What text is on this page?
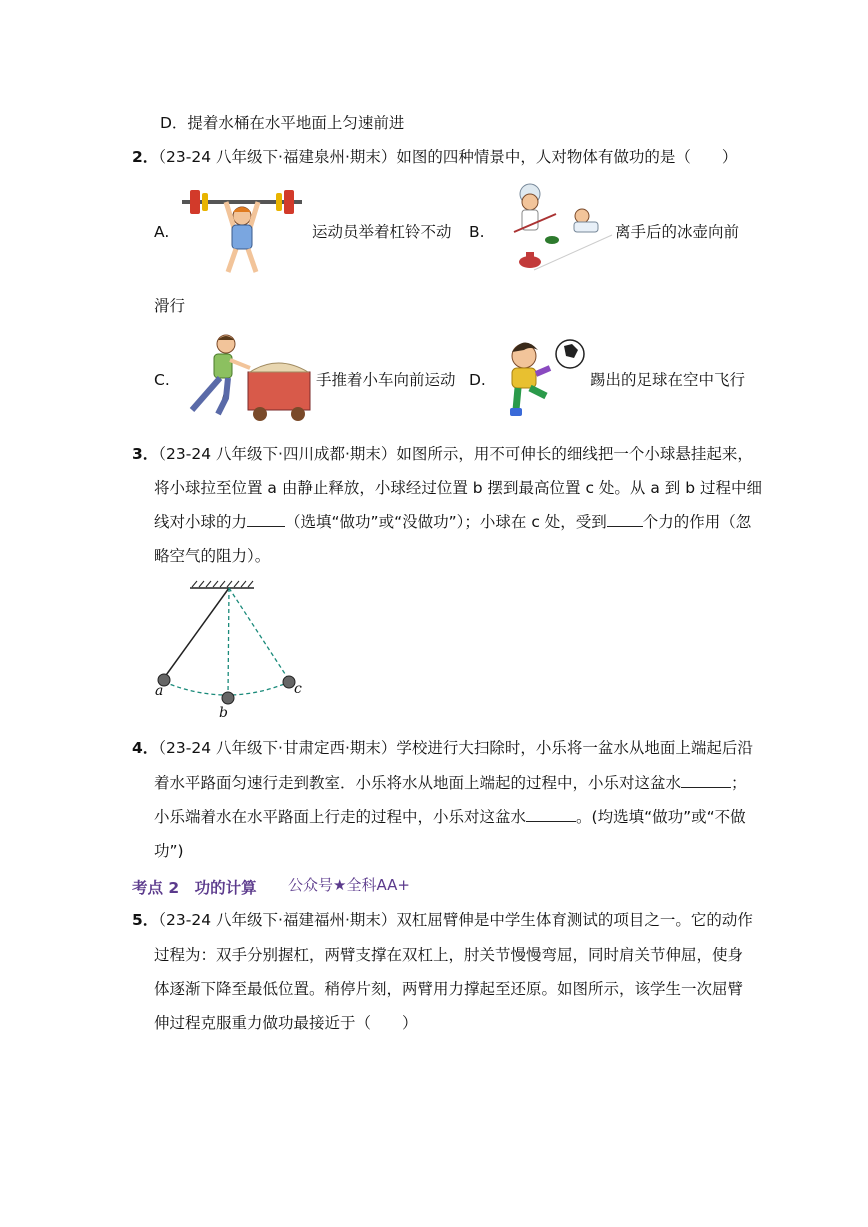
D．提着水桶在水平地面上匀速前进
2．（23-24 八年级下·福建泉州·期末）如图的四种情景中，人对物体有做功的是（　　）
A.	运动员举着杠铃不动 B.	离手后的冰壶向前
滑行
C.	手推着小车向前运动 D.	踢出的足球在空中飞行
3．（23-24 八年级下·四川成都·期末）如图所示，用不可伸长的细线把一个小球悬挂起来，
将小球拉至位置 a 由静止释放，小球经过位置 b 摆到最高位置 c 处。从 a 到 b 过程中细
线对小球的力 （选填“做功”或“没做功”）；小球在 c 处，受到 个力的作用（忽
略空气的阻力）。
a
b
c
4．（23-24 八年级下·甘肃定西·期末）学校进行大扫除时，小乐将一盆水从地面上端起后沿
着水平路面匀速行走到教室．小乐将水从地面上端起的过程中，小乐对这盆水	；
小乐端着水在水平路面上行走的过程中，小乐对这盆水	。(均选填“做功”或“不做
功”)
考点 2　功的计算 公众号★全科AA+
5．（23-24 八年级下·福建福州·期末）双杠屈臂伸是中学生体育测试的项目之一。它的动作
过程为：双手分别握杠，两臂支撑在双杠上，肘关节慢慢弯屈，同时肩关节伸屈，使身
体逐渐下降至最低位置。稍停片刻，两臂用力撑起至还原。如图所示，该学生一次屈臂
伸过程克服重力做功最接近于（　　）
